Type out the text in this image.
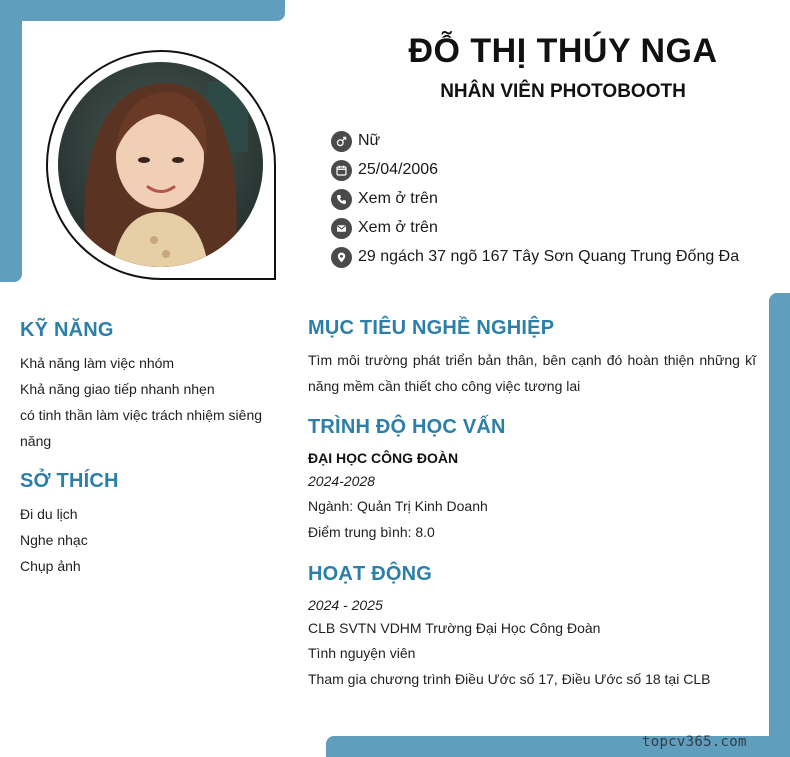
ĐỖ THỊ THÚY NGA
NHÂN VIÊN PHOTOBOOTH
Nữ
25/04/2006
Xem ở trên
Xem ở trên
29 ngách 37 ngõ 167 Tây Sơn Quang Trung Đống Đa
KỸ NĂNG
Khả năng làm việc nhóm
Khả năng giao tiếp nhanh nhẹn
có tinh thần làm việc trách nhiệm siêng
năng
SỞ THÍCH
Đi du lịch
Nghe nhạc
Chụp ảnh
MỤC TIÊU NGHỀ NGHIỆP
Tìm môi trường phát triển bản thân, bên cạnh đó hoàn thiện những kĩ năng mềm cần thiết cho công việc tương lai
TRÌNH ĐỘ HỌC VẤN
ĐẠI HỌC CÔNG ĐOÀN
2024-2028
Ngành: Quản Trị Kinh Doanh
Điểm trung bình: 8.0
HOẠT ĐỘNG
2024 - 2025
CLB SVTN VDHM Trường Đại Học Công Đoàn
Tình nguyện viên
Tham gia chương trình Điều Ước số 17, Điều Ước số 18 tại CLB
topcv365.com
